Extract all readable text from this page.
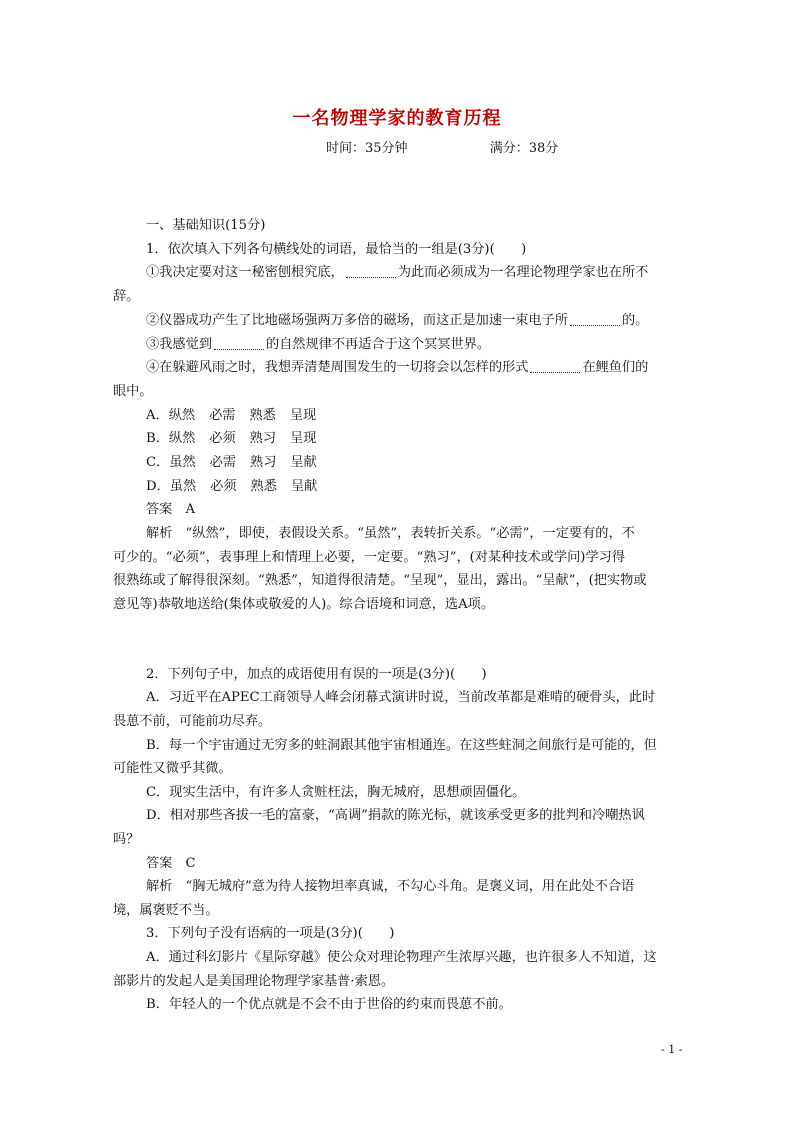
一名物理学家的教育历程
时间：35分钟	满分：38分
一、基础知识(15分)
1．依次填入下列各句横线处的词语，最恰当的一组是(3分)(　　)
①我决定要对这一秘密刨根究底，	为此而必须成为一名理论物理学家也在所不
辞。
②仪器成功产生了比地磁场强两万多倍的磁场，而这正是加速一束电子所	的。
③我感觉到	的自然规律不再适合于这个冥冥世界。
④在躲避风雨之时，我想弄清楚周围发生的一切将会以怎样的形式	在鲤鱼们的
眼中。
A．纵然 必需 熟悉 呈现
B．纵然 必须 熟习 呈现
C．虽然 必需 熟习 呈献
D．虽然 必须 熟悉 呈献
答案　A
解析　“纵然”，即使，表假设关系。“虽然”，表转折关系。“必需”，一定要有的，不
可少的。“必须”，表事理上和情理上必要，一定要。“熟习”，(对某种技术或学问)学习得
很熟练或了解得很深刻。“熟悉”，知道得很清楚。“呈现”，显出，露出。“呈献”，(把实物或
意见等)恭敬地送给(集体或敬爱的人)。综合语境和词意，选A项。
2．下列句子中，加点的成语使用有误的一项是(3分)(　　)
A．习近平在APEC工商领导人峰会闭幕式演讲时说，当前改革都是难啃的硬骨头，此时
畏葸不前，可能前功尽弃。
B．每一个宇宙通过无穷多的蛀洞跟其他宇宙相通连。在这些蛀洞之间旅行是可能的，但
可能性又微乎其微。
C．现实生活中，有许多人贪赃枉法，胸无城府，思想顽固僵化。
D．相对那些吝拔一毛的富豪，“高调”捐款的陈光标，就该承受更多的批判和冷嘲热讽
吗？
答案　C
解析　“胸无城府”意为待人接物坦率真诚，不勾心斗角。是褒义词，用在此处不合语
境，属褒贬不当。
3．下列句子没有语病的一项是(3分)(　　)
A．通过科幻影片《星际穿越》使公众对理论物理产生浓厚兴趣，也许很多人不知道，这
部影片的发起人是美国理论物理学家基普·索恩。
B．年轻人的一个优点就是不会不由于世俗的约束而畏葸不前。
- 1 -
